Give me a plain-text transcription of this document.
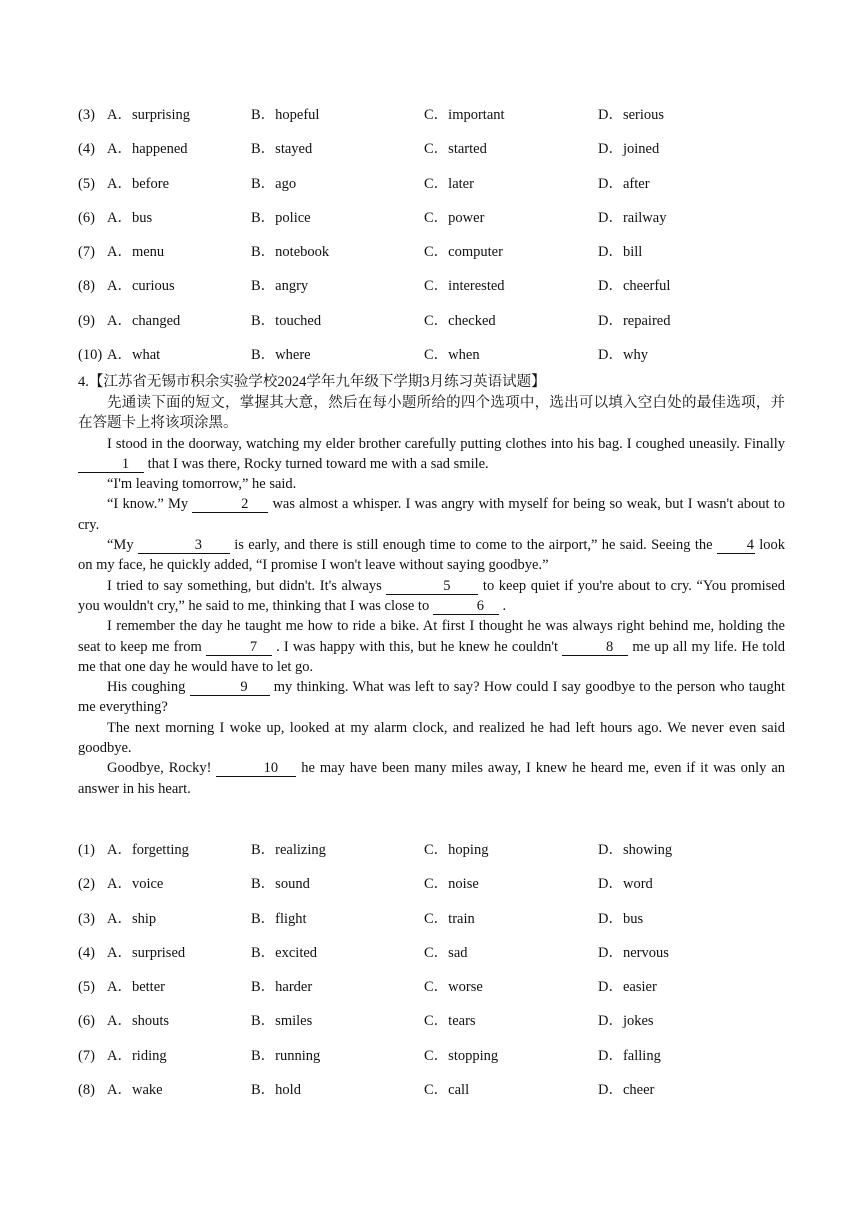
(3) A．surprising	B．hopeful	C．important	D．serious
(4) A．happened	B．stayed	C．started	D．joined
(5) A．before	B．ago	C．later	D．after
(6) A．bus	B．police	C．power	D．railway
(7) A．menu	B．notebook	C．computer	D．bill
(8) A．curious	B．angry	C．interested	D．cheerful
(9) A．changed	B．touched	C．checked	D．repaired
(10) A．what	B．where	C．when	D．why
4.【江苏省无锡市积余实验学校2024学年九年级下学期3月练习英语试题】

先通读下面的短文，掌握其大意，然后在每小题所给的四个选项中，选出可以填入空白处的最佳选项，并在答题卡上将该项涂黑。

I stood in the doorway, watching my elder brother carefully putting clothes into his bag. I coughed uneasily. Finally 1 that I was there, Rocky turned toward me with a sad smile.

“I'm leaving tomorrow,” he said.

“I know.” My	2 was almost a whisper. I was angry with myself for being so weak, but I wasn't about to cry.

“My	3 is early, and there is still enough time to come to the airport,” he said. Seeing the 4 look on my face, he quickly added, “I promise I won't leave without saying goodbye.”

I tried to say something, but didn't. It's always	5 to keep quiet if you're about to cry. “You promised you wouldn't cry,” he said to me, thinking that I was close to	6 .

I remember the day he taught me how to ride a bike. At first I thought he was always right behind me, holding the seat to keep me from	7 . I was happy with this, but he knew he couldn't	8 me up all my life. He told me that one day he would have to let go.

His coughing	9 my thinking. What was left to say? How could I say goodbye to the person who taught me everything?

The next morning I woke up, looked at my alarm clock, and realized he had left hours ago. We never even said goodbye.

Goodbye, Rocky!	10 he may have been many miles away, I knew he heard me, even if it was only an answer in his heart.

(1) A．forgetting	B．realizing	C．hoping	D．showing
(2) A．voice	B．sound	C．noise	D．word
(3) A．ship	B．flight	C．train	D．bus
(4) A．surprised	B．excited	C．sad	D．nervous
(5) A．better	B．harder	C．worse	D．easier
(6) A．shouts	B．smiles	C．tears	D．jokes
(7) A．riding	B．running	C．stopping	D．falling
(8) A．wake	B．hold	C．call	D．cheer
